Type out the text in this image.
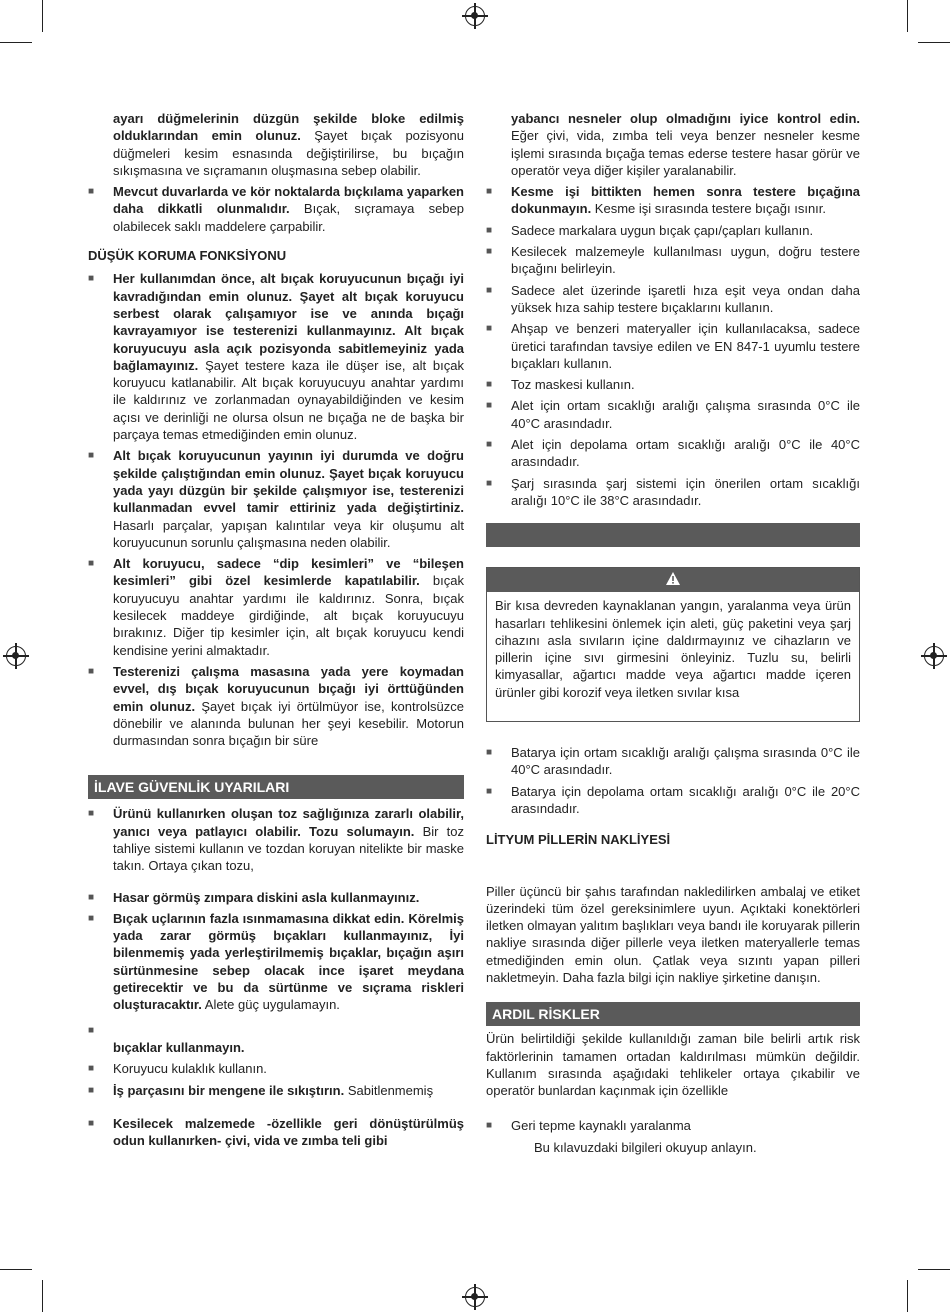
ayarı düğmelerinin düzgün şekilde bloke edilmiş olduklarından emin olunuz. Şayet bıçak pozisyonu düğmeleri kesim esnasında değiştirilirse, bu bıçağın sıkışmasına ve sıçramanın oluşmasına sebep olabilir.
■ Mevcut duvarlarda ve kör noktalarda bıçkılama yaparken daha dikkatli olunmalıdır. Bıçak, sıçramaya sebep olabilecek saklı maddelere çarpabilir.
DÜŞÜK KORUMA FONKSİYONU
■ Her kullanımdan önce, alt bıçak koruyucunun bıçağı iyi kavradığından emin olunuz. Şayet alt bıçak koruyucu serbest olarak çalışamıyor ise ve anında bıçağı kavrayamıyor ise testerenizi kullanmayınız. Alt bıçak koruyucuyu asla açık pozisyonda sabitlemeyiniz yada bağlamayınız. Şayet testere kaza ile düşer ise, alt bıçak koruyucu katlanabilir. Alt bıçak koruyucuyu anahtar yardımı ile kaldırınız ve zorlanmadan oynayabildiğinden ve kesim açısı ve derinliği ne olursa olsun ne bıçağa ne de başka bir parçaya temas etmediğinden emin olunuz.
■ Alt bıçak koruyucunun yayının iyi durumda ve doğru şekilde çalıştığından emin olunuz. Şayet bıçak koruyucu yada yayı düzgün bir şekilde çalışmıyor ise, testerenizi kullanmadan evvel tamir ettiriniz yada değiştirtiniz. Hasarlı parçalar, yapışan kalıntılar veya kir oluşumu alt koruyucunun sorunlu çalışmasına neden olabilir.
■ Alt koruyucu, sadece “dip kesimleri” ve “bileşen kesimleri” gibi özel kesimlerde kapatılabilir. bıçak koruyucuyu anahtar yardımı ile kaldırınız. Sonra, bıçak kesilecek maddeye girdiğinde, alt bıçak koruyucuyu bırakınız. Diğer tip kesimler için, alt bıçak koruyucu kendi kendisine yerini almaktadır.
■ Testerenizi çalışma masasına yada yere koymadan evvel, dış bıçak koruyucunun bıçağı iyi örttüğünden emin olunuz. Şayet bıçak iyi örtülmüyor ise, kontrolsüzce dönebilir ve alanında bulunan her şeyi kesebilir. Motorun durmasından sonra bıçağın bir süre
İLAVE GÜVENLİK UYARILARI
■ Ürünü kullanırken oluşan toz sağlığınıza zararlı olabilir, yanıcı veya patlayıcı olabilir. Tozu solumayın. Bir toz tahliye sistemi kullanın ve tozdan koruyan nitelikte bir maske takın. Ortaya çıkan tozu,
■ Hasar görmüş zımpara diskini asla kullanmayınız.
■ Bıçak uçlarının fazla ısınmamasına dikkat edin. Körelmiş yada zarar görmüş bıçakları kullanmayınız, İyi bilenmemiş yada yerleştirilmemiş bıçaklar, bıçağın aşırı sürtünmesine sebep olacak ince işaret meydana getirecektir ve bu da sürtünme ve sıçrama riskleri oluşturacaktır. Alete güç uygulamayın.
■

bıçaklar kullanmayın.
■ Koruyucu kulaklık kullanın.
■ İş parçasını bir mengene ile sıkıştırın. Sabitlenmemiş
■ Kesilecek malzemede -özellikle geri dönüştürülmüş odun kullanırken- çivi, vida ve zımba teli gibi
yabancı nesneler olup olmadığını iyice kontrol edin. Eğer çivi, vida, zımba teli veya benzer nesneler kesme işlemi sırasında bıçağa temas ederse testere hasar görür ve operatör veya diğer kişiler yaralanabilir.
■ Kesme işi bittikten hemen sonra testere bıçağına dokunmayın. Kesme işi sırasında testere bıçağı ısınır.
■ Sadece markalara uygun bıçak çapı/çapları kullanın.
■ Kesilecek malzemeyle kullanılması uygun, doğru testere bıçağını belirleyin.
■ Sadece alet üzerinde işaretli hıza eşit veya ondan daha yüksek hıza sahip testere bıçaklarını kullanın.
■ Ahşap ve benzeri materyaller için kullanılacaksa, sadece üretici tarafından tavsiye edilen ve EN 847-1 uyumlu testere bıçakları kullanın.
■ Toz maskesi kullanın.
■ Alet için ortam sıcaklığı aralığı çalışma sırasında 0°C ile 40°C arasındadır.
■ Alet için depolama ortam sıcaklığı aralığı 0°C ile 40°C arasındadır.
■ Şarj sırasında şarj sistemi için önerilen ortam sıcaklığı aralığı 10°C ile 38°C arasındadır.
Bir kısa devreden kaynaklanan yangın, yaralanma veya ürün hasarları tehlikesini önlemek için aleti, güç paketini veya şarj cihazını asla sıvıların içine daldırmayınız ve cihazların ve pillerin içine sıvı girmesini önleyiniz. Tuzlu su, belirli kimyasallar, ağartıcı madde veya ağartıcı madde içeren ürünler gibi korozif veya iletken sıvılar kısa
■ Batarya için ortam sıcaklığı aralığı çalışma sırasında 0°C ile 40°C arasındadır.
■ Batarya için depolama ortam sıcaklığı aralığı 0°C ile 20°C arasındadır.
LİTYUM PİLLERİN NAKLİYESİ

Piller üçüncü bir şahıs tarafından nakledilirken ambalaj ve etiket üzerindeki tüm özel gereksinimlere uyun. Açıktaki konektörleri iletken olmayan yalıtım başlıkları veya bandı ile koruyarak pillerin nakliye sırasında diğer pillerle veya iletken materyallerle temas etmediğinden emin olun. Çatlak veya sızıntı yapan pilleri nakletmeyin. Daha fazla bilgi için nakliye şirketine danışın.

ARDIL RİSKLER

Ürün belirtildiği şekilde kullanıldığı zaman bile belirli artık risk faktörlerinin tamamen ortadan kaldırılması mümkün değildir. Kullanım sırasında aşağıdaki tehlikeler ortaya çıkabilir ve operatör bunlardan kaçınmak için özellikle

■ Geri tepme kaynaklı yaralanma
Bu kılavuzdaki bilgileri okuyup anlayın.
